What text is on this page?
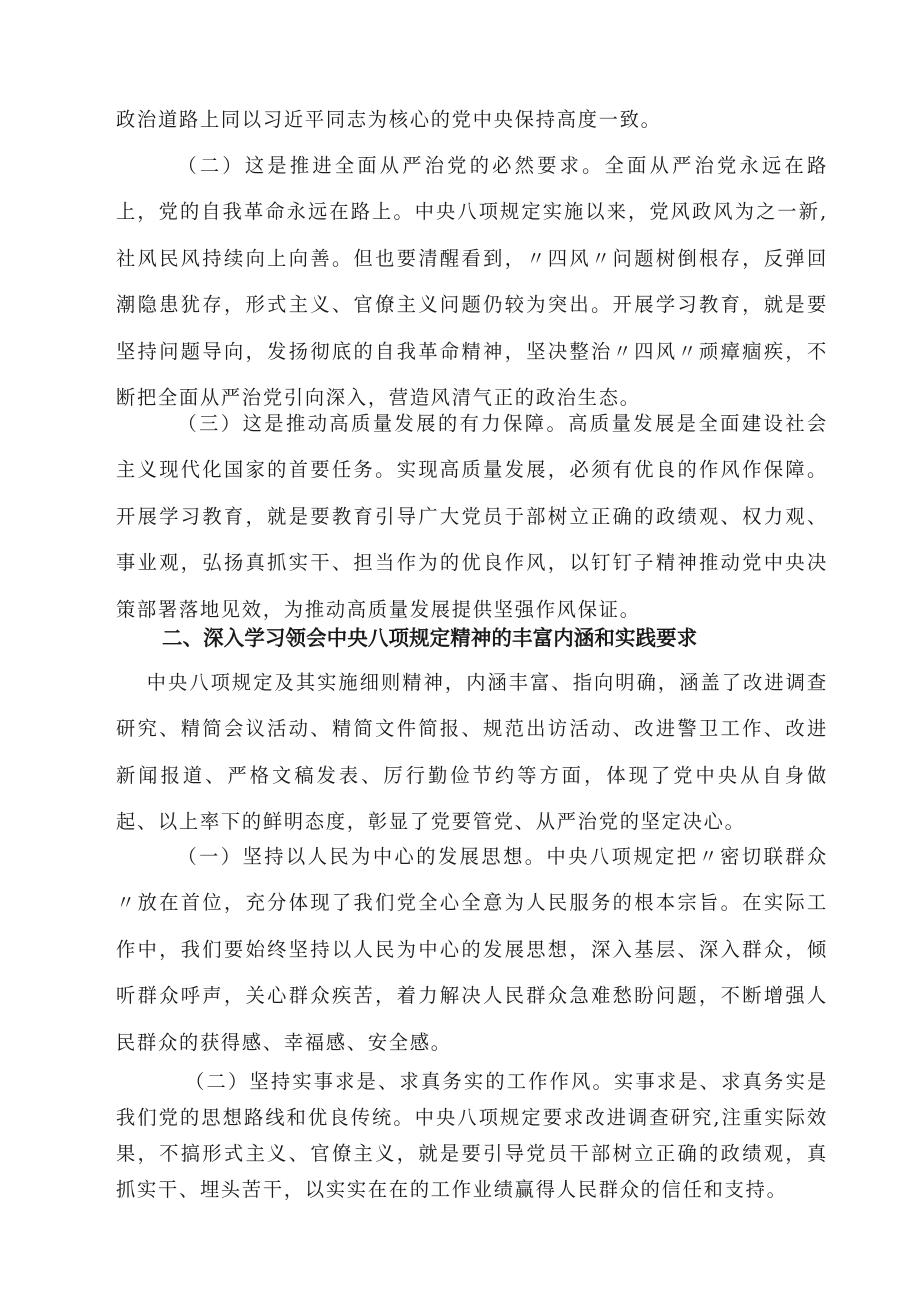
政治道路上同以习近平同志为核心的党中央保持高度一致。

（二）这是推进全面从严治党的必然要求。全面从严治党永远在路上，党的自我革命永远在路上。中央八项规定实施以来，党风政风为之一新,社风民风持续向上向善。但也要清醒看到，〃四风〃问题树倒根存，反弹回潮隐患犹存，形式主义、官僚主义问题仍较为突出。开展学习教育，就是要坚持问题导向，发扬彻底的自我革命精神，坚决整治〃四风〃顽瘴痼疾，不断把全面从严治党引向深入，营造风清气正的政治生态。

（三）这是推动高质量发展的有力保障。高质量发展是全面建设社会主义现代化国家的首要任务。实现高质量发展，必须有优良的作风作保障。开展学习教育，就是要教育引导广大党员于部树立正确的政绩观、权力观、事业观，弘扬真抓实干、担当作为的优良作风，以钉钉子精神推动党中央决策部署落地见效，为推动高质量发展提供坚强作风保证。

二、深入学习领会中央八项规定精神的丰富内涵和实践要求

中央八项规定及其实施细则精神，内涵丰富、指向明确，涵盖了改进调查研究、精简会议活动、精简文件简报、规范出访活动、改进警卫工作、改进新闻报道、严格文稿发表、厉行勤俭节约等方面，体现了党中央从自身做起、以上率下的鲜明态度，彰显了党要管党、从严治党的坚定决心。

（一）坚持以人民为中心的发展思想。中央八项规定把〃密切联群众〃放在首位，充分体现了我们党全心全意为人民服务的根本宗旨。在实际工作中，我们要始终坚持以人民为中心的发展思想，深入基层、深入群众，倾听群众呼声，关心群众疾苦，着力解决人民群众急难愁盼问题，不断增强人民群众的获得感、幸福感、安全感。

（二）坚持实事求是、求真务实的工作作风。实事求是、求真务实是我们党的思想路线和优良传统。中央八项规定要求改进调查研究,注重实际效果，不搞形式主义、官僚主义，就是要引导党员干部树立正确的政绩观，真抓实干、埋头苦干，以实实在在的工作业绩赢得人民群众的信任和支持。
